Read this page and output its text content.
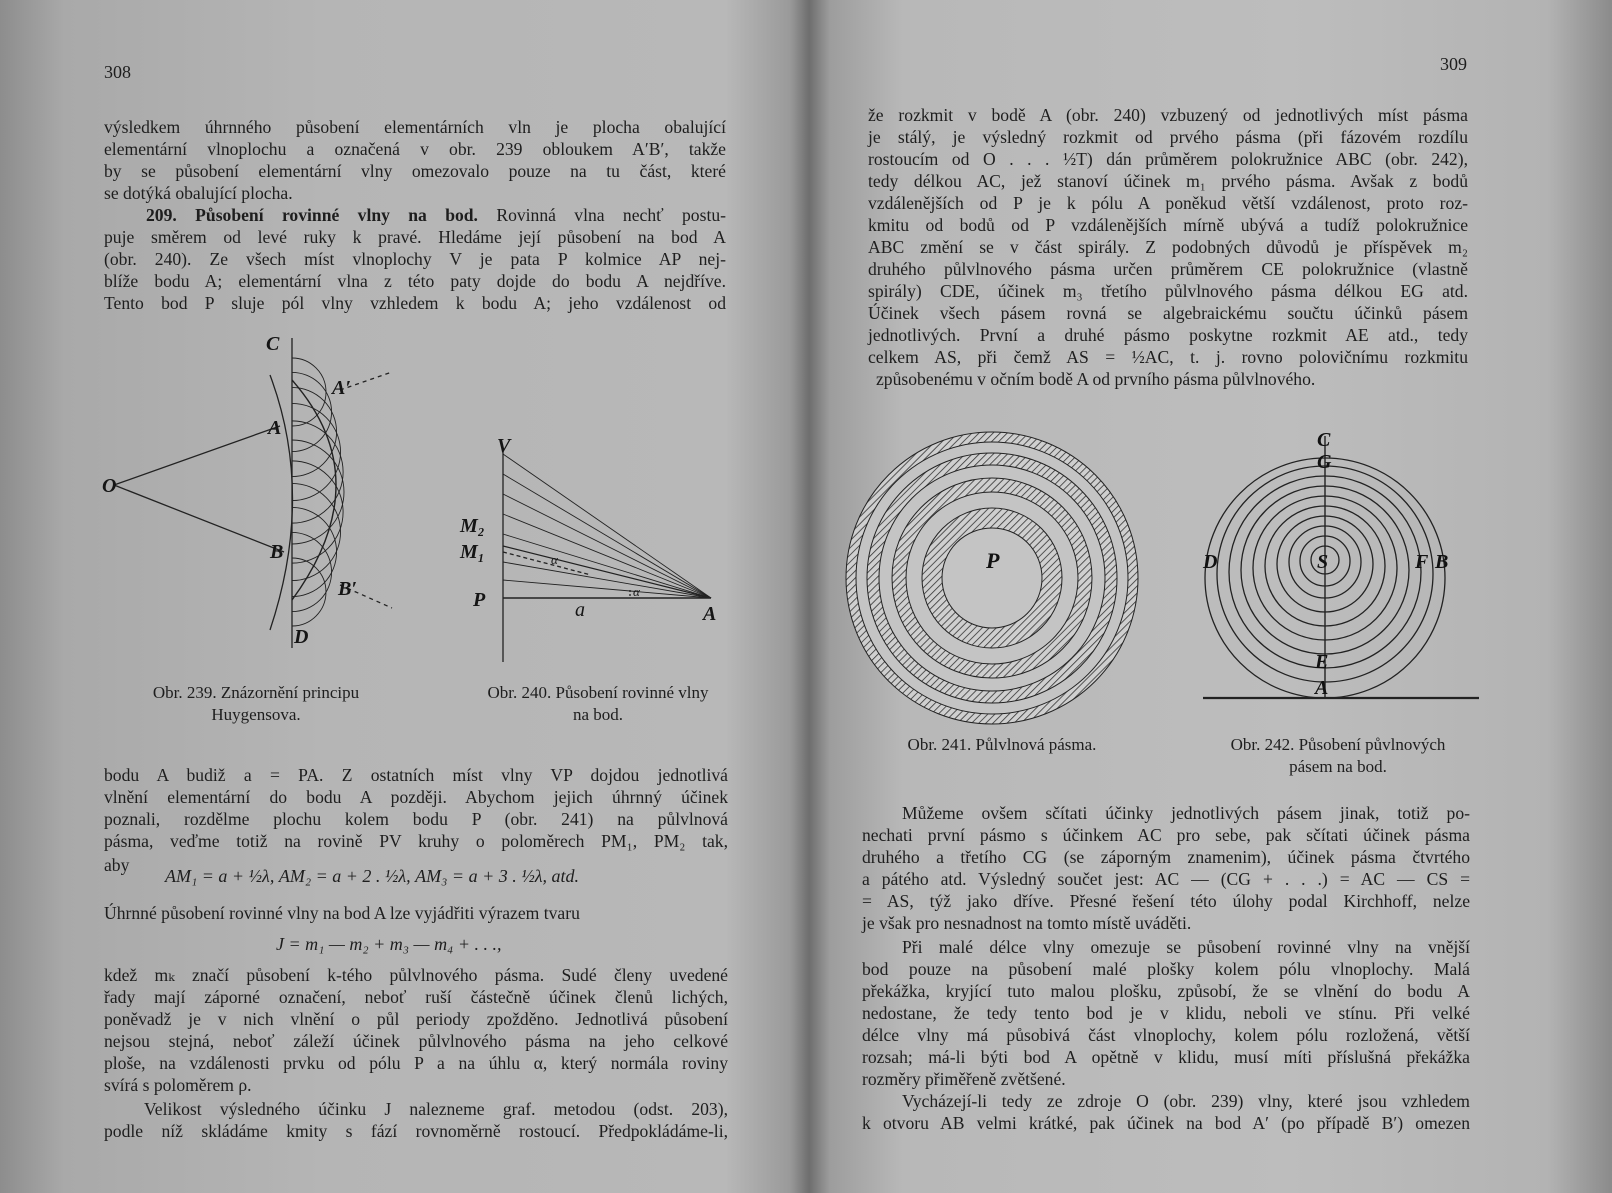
308
výsledkem úhrnného působení elementárních vln je plocha obalující
elementární vlnoplochu a označená v obr. 239 obloukem A′B′, takže
by se působení elementární vlny omezovalo pouze na tu část, které
se dotýká obalující plocha.
209. Působení rovinné vlny na bod. Rovinná vlna nechť postu-
puje směrem od levé ruky k pravé. Hledáme její působení na bod A
(obr. 240). Ze všech míst vlnoplochy V je pata P kolmice AP nej-
blíže bodu A; elementární vlna z této paty dojde do bodu A nejdříve.
Tento bod P sluje pól vlny vzhledem k bodu A; jeho vzdálenost od
C
A′
A
O
B
B′
D
V
M₂
M₁
P	a	A
α
α
Obr. 239. Znázornění principu
Huygensova.
Obr. 240. Působení rovinné vlny
na bod.
bodu A budiž a = PA. Z ostatních míst vlny VP dojdou jednotlivá
vlnění elementární do bodu A později. Abychom jejich úhrnný účinek
poznali, rozdělme plochu kolem bodu P (obr. 241) na půlvlnová
pásma, veďme totiž na rovině PV kruhy o poloměrech PM₁, PM₂ tak,
aby
AM₁ = a + ½λ, AM₂ = a + 2 . ½λ, AM₃ = a + 3 . ½λ, atd.
Úhrnné působení rovinné vlny na bod A lze vyjádřiti výrazem tvaru
J = m₁ — m₂ + m₃ — m₄ + . . .,
kdež mₖ značí působení k-tého půlvlnového pásma. Sudé členy uvedené
řady mají záporné označení, neboť ruší částečně účinek členů lichých,
poněvadž je v nich vlnění o půl periody zpožděno. Jednotlivá působení
nejsou stejná, neboť záleží účinek půlvlnového pásma na jeho celkové
ploše, na vzdálenosti prvku od pólu P a na úhlu α, který normála roviny
svírá s poloměrem ρ.
Velikost výsledného účinku J nalezneme graf. metodou (odst. 203),
podle níž skládáme kmity s fází rovnoměrně rostoucí. Předpokládáme-li,
309
že rozkmit v bodě A (obr. 240) vzbuzený od jednotlivých míst pásma
je stálý, je výsledný rozkmit od prvého pásma (při fázovém rozdílu
rostoucím od O . . . ½T) dán průměrem polokružnice ABC (obr. 242),
tedy délkou AC, jež stanoví účinek m₁ prvého pásma. Avšak z bodů
vzdálenějších od P je k pólu A poněkud větší vzdálenost, proto roz-
kmitu od bodů od P vzdálenějších mírně ubývá a tudíž polokružnice
ABC změní se v část spirály. Z podobných důvodů je příspěvek m₂
druhého půlvlnového pásma určen průměrem CE polokružnice (vlastně
spirály) CDE, účinek m₃ třetího půlvlnového pásma délkou EG atd.
Účinek všech pásem rovná se algebraickému součtu účinků pásem
jednotlivých. První a druhé pásmo poskytne rozkmit AE atd., tedy
celkem AS, při čemž AS = ½AC, t. j. rovno polovičnímu rozkmitu
způsobenému v očním bodě A od prvního pásma půlvlnového.
P
C
G
D	S	F B
E
A
Obr. 241. Půlvlnová pásma.	Obr. 242. Působení půvlnových
pásem na bod.
Můžeme ovšem sčítati účinky jednotlivých pásem jinak, totiž po-
nechati první pásmo s účinkem AC pro sebe, pak sčítati účinek pásma
druhého a třetího CG (se záporným znamenim), účinek pásma čtvrtého
a pátého atd. Výsledný součet jest: AC — (CG + . . .) = AC — CS =
= AS, týž jako dříve. Přesné řešení této úlohy podal Kirchhoff, nelze
je však pro nesnadnost na tomto místě uváděti.
Při malé délce vlny omezuje se působení rovinné vlny na vnější
bod pouze na působení malé plošky kolem pólu vlnoplochy. Malá
překážka, kryjící tuto malou plošku, způsobí, že se vlnění do bodu A
nedostane, že tedy tento bod je v klidu, neboli ve stínu. Při velké
délce vlny má působivá část vlnoplochy, kolem pólu rozložená, větší
rozsah; má-li býti bod A opětně v klidu, musí míti příslušná překážka
rozměry přiměřeně zvětšené.
Vycházejí-li tedy ze zdroje O (obr. 239) vlny, které jsou vzhledem
k otvoru AB velmi krátké, pak účinek na bod A′ (po případě B′) omezen
